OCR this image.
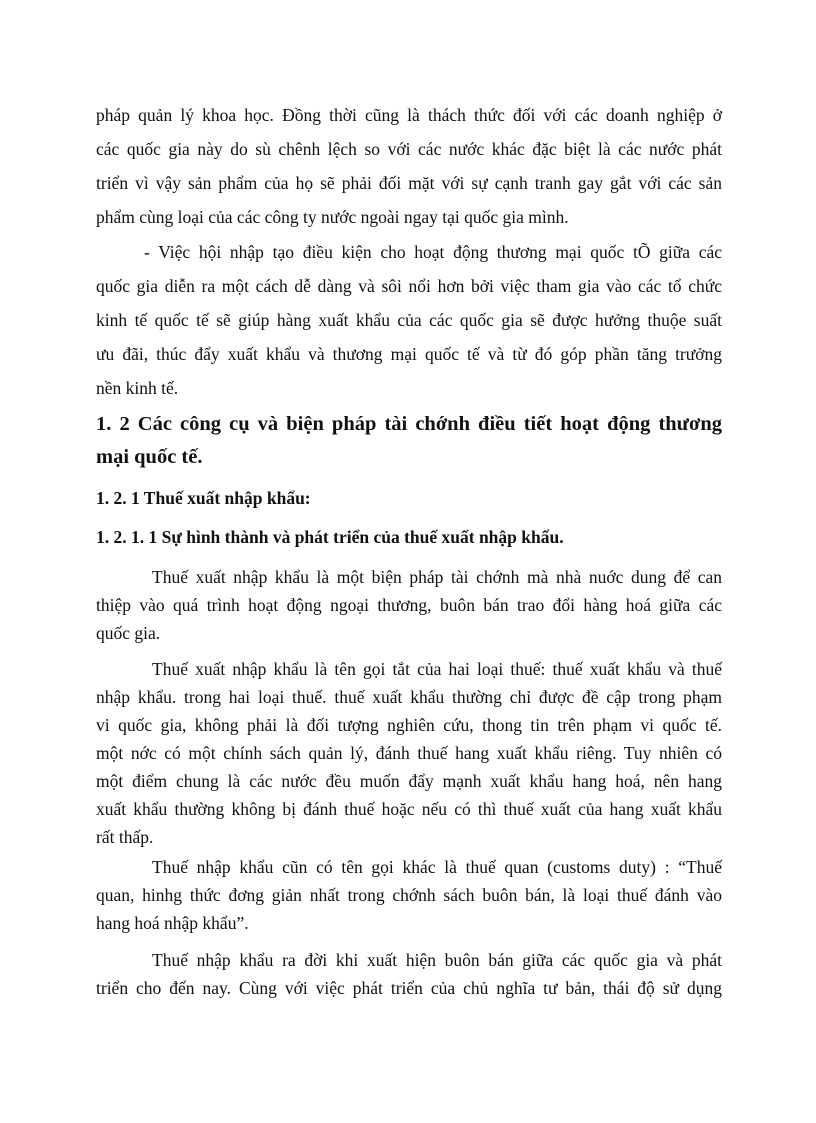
pháp quản lý khoa học. Đồng thời cũng là thách thức đối với các doanh nghiệp ở
các quốc gia này do sù chênh lệch so với các nước khác đặc biệt là các nước phát
triển vì vậy sản phẩm của họ sẽ phải đối mặt với sự cạnh tranh gay gắt với các sản
phẩm cùng loại của các công ty nước ngoài ngay tại quốc gia mình.
- Việc hội nhập tạo điều kiện cho hoạt động thương mại quốc tÕ giữa các
quốc gia diễn ra một cách dễ dàng và sôi nổi hơn bởi việc tham gia vào các tổ chức
kinh tế quốc tế sẽ giúp hàng xuất khẩu của các quốc gia sẽ được hưởng thuộe suất
ưu đãi, thúc đẩy xuất khẩu và thương mại quốc tế và từ đó góp phần tăng trưởng
nền kinh tế.
1. 2 Các công cụ và biện pháp tài chớnh điều tiết hoạt động thương
mại quốc tế.
1. 2. 1 Thuế xuất nhập khẩu:
1. 2. 1. 1 Sự hình thành và phát triển của thuế xuất nhập khẩu.
Thuế xuất nhập khẩu là một biện pháp tài chớnh mà nhà nuớc dung để can
thiệp vào quá trình hoạt động ngoại thương, buôn bán trao đổi hàng hoá giữa các
quốc gia.
Thuế xuất nhập khẩu là tên gọi tắt của hai loại thuế: thuế xuất khẩu và thuế
nhập khẩu. trong hai loại thuế. thuế xuất khẩu thường chỉ được đề cập trong phạm
vi quốc gia, không phải là đối tượng nghiên cứu, thong tin trên phạm vi quốc tế.
một nớc có một chính sách quản lý, đánh thuế hang xuất khẩu riêng. Tuy nhiên có
một điểm chung là các nước đều muốn đẩy mạnh xuất khẩu hang hoá, nên hang
xuất khẩu thường không bị đánh thuế hoặc nếu có thì thuế xuất của hang xuất khẩu
rất thấp.
Thuế nhập khẩu cũn có tên gọi khác là thuế quan (customs duty) : “Thuế
quan, hinhg thức đơng giản nhất trong chớnh sách buôn bán, là loại thuế đánh vào
hang hoá nhập khẩu”.
Thuế nhập khẩu ra đời khi xuất hiện buôn bán giữa các quốc gia và phát
triển cho đến nay. Cùng với việc phát triển của chủ nghĩa tư bản, thái độ sử dụng
